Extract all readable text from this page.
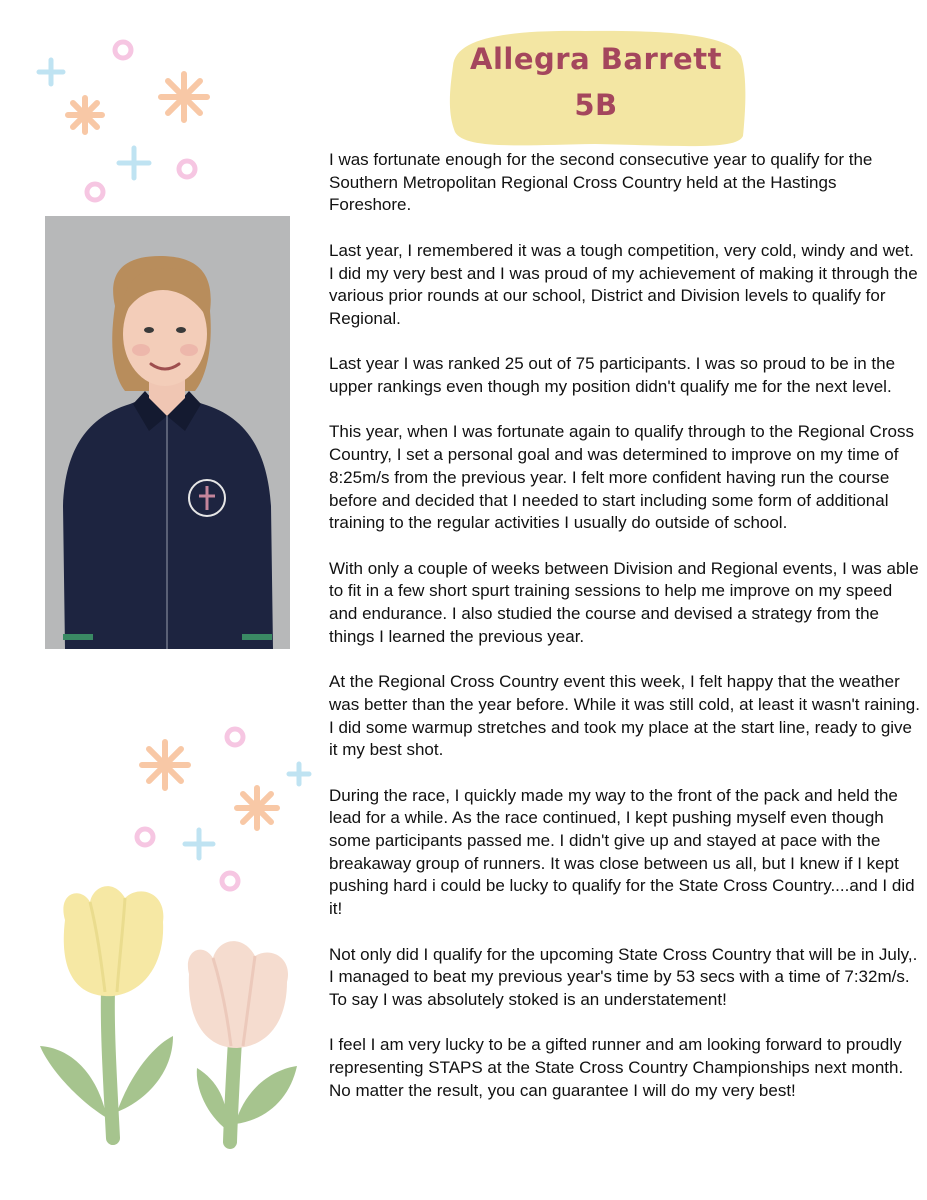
Allegra Barrett
5B

I was fortunate enough for the second consecutive year to qualify for the Southern Metropolitan Regional Cross Country held at the Hastings Foreshore.

Last year, I remembered it was a tough competition, very cold, windy and wet. I did my very best and I was proud of my achievement of making it through the various prior rounds at our school, District and Division levels to qualify for Regional.

Last year I was ranked 25 out of 75 participants. I was so proud to be in the upper rankings even though my position didn't qualify me for the next level.

This year, when I was fortunate again to qualify through to the Regional Cross Country, I set a personal goal and was determined to improve on my time of 8:25m/s from the previous year. I felt more confident having run the course before and decided that I needed to start including some form of additional training to the regular activities I usually do outside of school.

With only a couple of weeks between Division and Regional events, I was able to fit in a few short spurt training sessions to help me improve on my speed and endurance. I also studied the course and devised a strategy from the things I learned the previous year.

At the Regional Cross Country event this week, I felt happy that the weather was better than the year before. While it was still cold, at least it wasn't raining. I did some warmup stretches and took my place at the start line, ready to give it my best shot.

During the race, I quickly made my way to the front of the pack and held the lead for a while. As the race continued, I kept pushing myself even though some participants passed me. I didn't give up and stayed at pace with the breakaway group of runners. It was close between us all, but I knew if I kept pushing hard i could be lucky to qualify for the State Cross Country....and I did it!

Not only did I qualify for the upcoming State Cross Country that will be in July,. I managed to beat my previous year's time by 53 secs with a time of 7:32m/s. To say I was absolutely stoked is an understatement!

I feel I am very lucky to be a gifted runner and am looking forward to proudly representing STAPS at the State Cross Country Championships next month. No matter the result, you can guarantee I will do my very best!
